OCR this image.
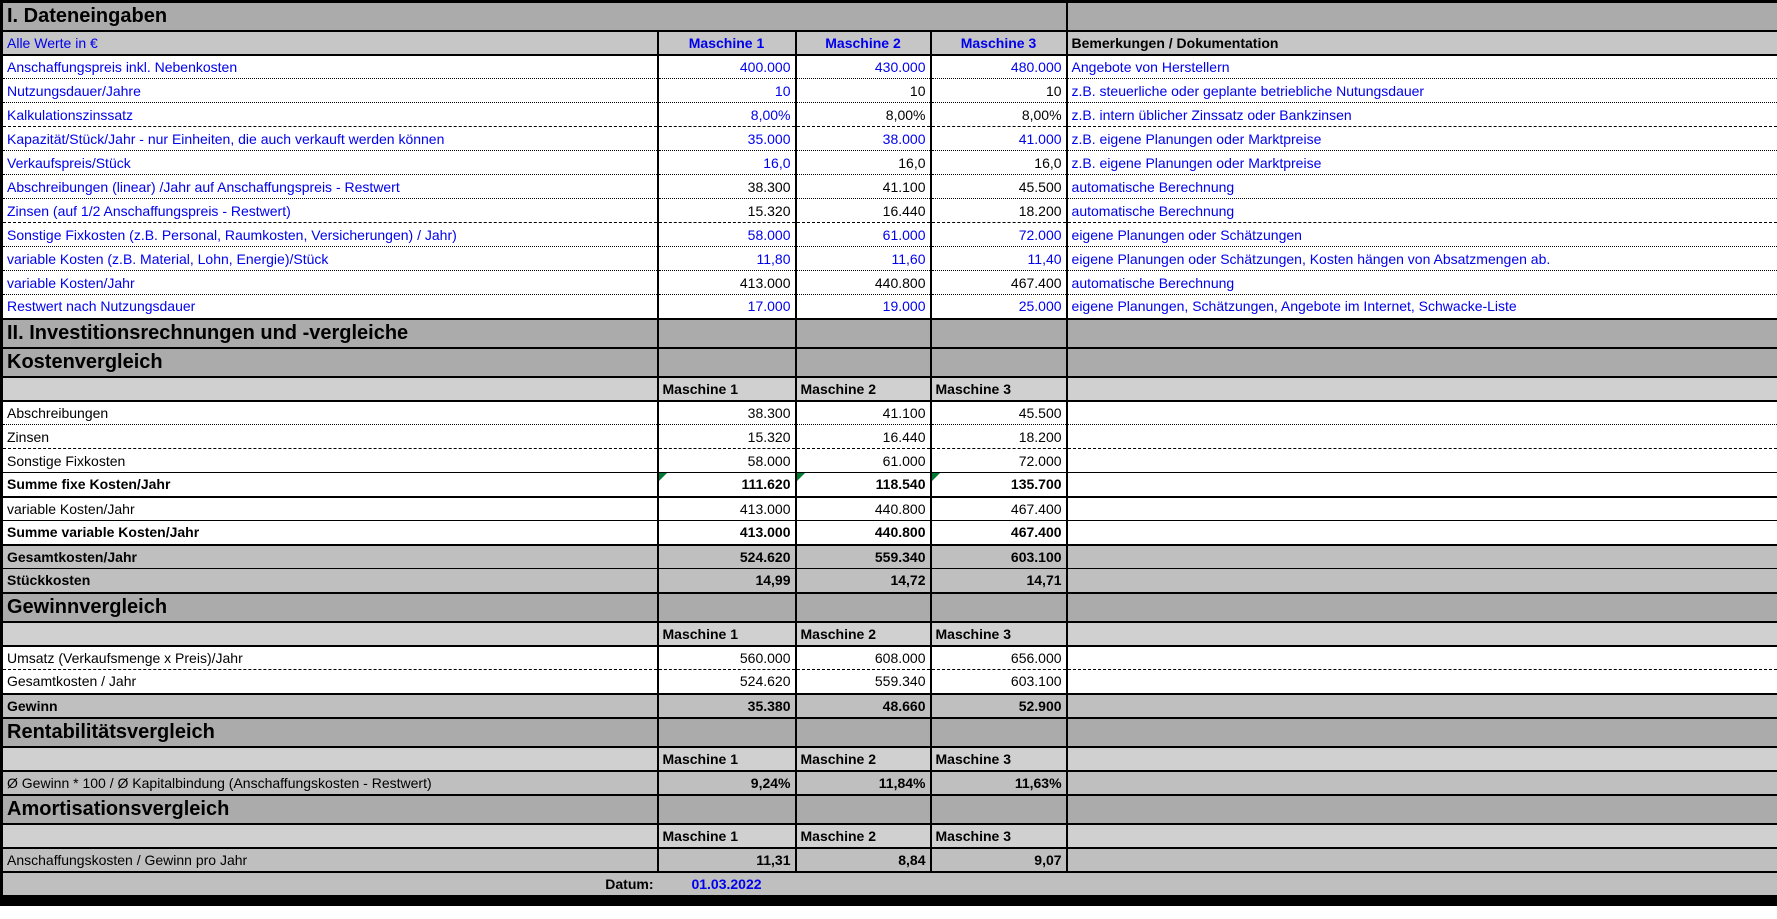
I. Dateneingaben				
Alle Werte in €	Maschine 1	Maschine 2	Maschine 3	Bemerkungen / Dokumentation
Anschaffungspreis inkl. Nebenkosten	400.000	430.000	480.000	Angebote von Herstellern
Nutzungsdauer/Jahre	10	10	10	z.B. steuerliche oder geplante betriebliche Nutungsdauer
Kalkulationszinssatz	8,00%	8,00%	8,00%	z.B. intern üblicher Zinssatz oder Bankzinsen
Kapazität/Stück/Jahr - nur Einheiten, die auch verkauft werden können	35.000	38.000	41.000	z.B. eigene Planungen oder Marktpreise
Verkaufspreis/Stück	16,0	16,0	16,0	z.B. eigene Planungen oder Marktpreise
Abschreibungen (linear) /Jahr auf Anschaffungspreis - Restwert	38.300	41.100	45.500	automatische Berechnung
Zinsen (auf 1/2 Anschaffungspreis - Restwert)	15.320	16.440	18.200	automatische Berechnung
Sonstige Fixkosten (z.B. Personal, Raumkosten, Versicherungen) / Jahr)	58.000	61.000	72.000	eigene Planungen oder Schätzungen
variable Kosten (z.B. Material, Lohn, Energie)/Stück	11,80	11,60	11,40	eigene Planungen oder Schätzungen, Kosten hängen von Absatzmengen ab.
variable Kosten/Jahr	413.000	440.800	467.400	automatische Berechnung
Restwert nach Nutzungsdauer	17.000	19.000	25.000	eigene Planungen, Schätzungen, Angebote im Internet, Schwacke-Liste
II. Investitionsrechnungen und -vergleiche				
Kostenvergleich				
	Maschine 1	Maschine 2	Maschine 3	
Abschreibungen	38.300	41.100	45.500	
Zinsen	15.320	16.440	18.200	
Sonstige Fixkosten	58.000	61.000	72.000	
Summe fixe Kosten/Jahr	111.620	118.540	135.700	
variable Kosten/Jahr	413.000	440.800	467.400	
Summe variable Kosten/Jahr	413.000	440.800	467.400	
Gesamtkosten/Jahr	524.620	559.340	603.100	
Stückkosten	14,99	14,72	14,71	
Gewinnvergleich				
	Maschine 1	Maschine 2	Maschine 3	
Umsatz (Verkaufsmenge x Preis)/Jahr	560.000	608.000	656.000	
Gesamtkosten / Jahr	524.620	559.340	603.100	
Gewinn	35.380	48.660	52.900	
Rentabilitätsvergleich				
	Maschine 1	Maschine 2	Maschine 3	
Ø Gewinn * 100 / Ø Kapitalbindung (Anschaffungskosten - Restwert)	9,24%	11,84%	11,63%	
Amortisationsvergleich				
	Maschine 1	Maschine 2	Maschine 3	
Anschaffungskosten / Gewinn pro Jahr	11,31	8,84	9,07	
Datum:	01.03.2022			
